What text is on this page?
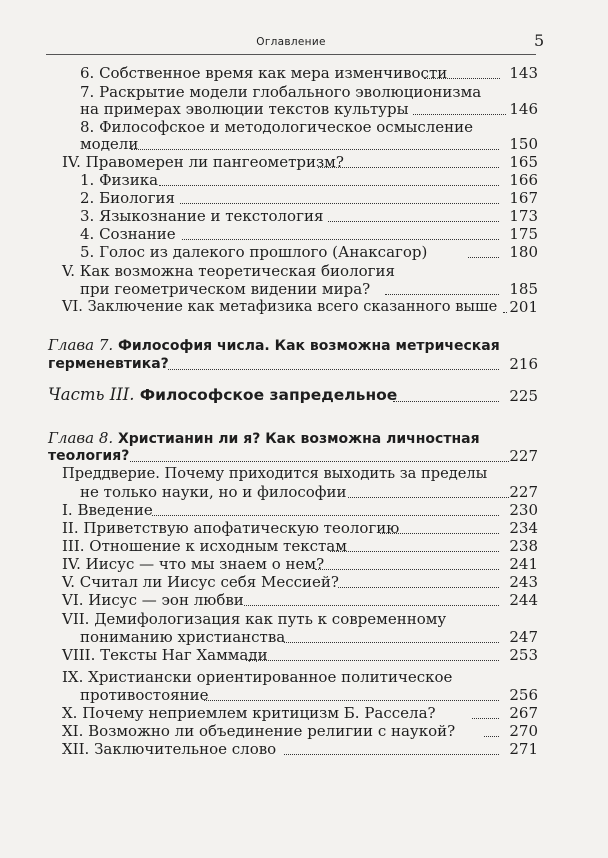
Оглавление	5
6. Собственное время как мера изменчивости	143
7. Раскрытие модели глобального эволюционизма
на примерах эволюции текстов культуры	146
8. Философское и методологическое осмысление
модели	150
IV. Правомерен ли пангеометризм?	165
1. Физика	166
2. Биология	167
3. Языкознание и текстология	173
4. Сознание	175
5. Голос из далекого прошлого (Анаксагор)	180
V. Как возможна теоретическая биология
при геометрическом видении мира?	185
VI. Заключение как метафизика всего сказанного выше 201
Глава 7. Философия числа. Как возможна метрическая
герменевтика?	216
Часть III. Философское запредельное	225
Глава 8. Христианин ли я? Как возможна личностная
теология?	227
Преддверие. Почему приходится выходить за пределы
не только науки, но и философии	227
I. Введение	230
II. Приветствую апофатическую теологию	234
III. Отношение к исходным текстам	238
IV. Иисус — что мы знаем о нем?	241
V. Считал ли Иисус себя Мессией?	243
VI. Иисус — эон любви	244
VII. Демифологизация как путь к современному
пониманию христианства	247
VIII. Тексты Наг Хаммади	253
IX. Христиански ориентированное политическое
противостояние	256
X. Почему неприемлем критицизм Б. Рассела?	267
XI. Возможно ли объединение религии с наукой?	270
XII. Заключительное слово	271
